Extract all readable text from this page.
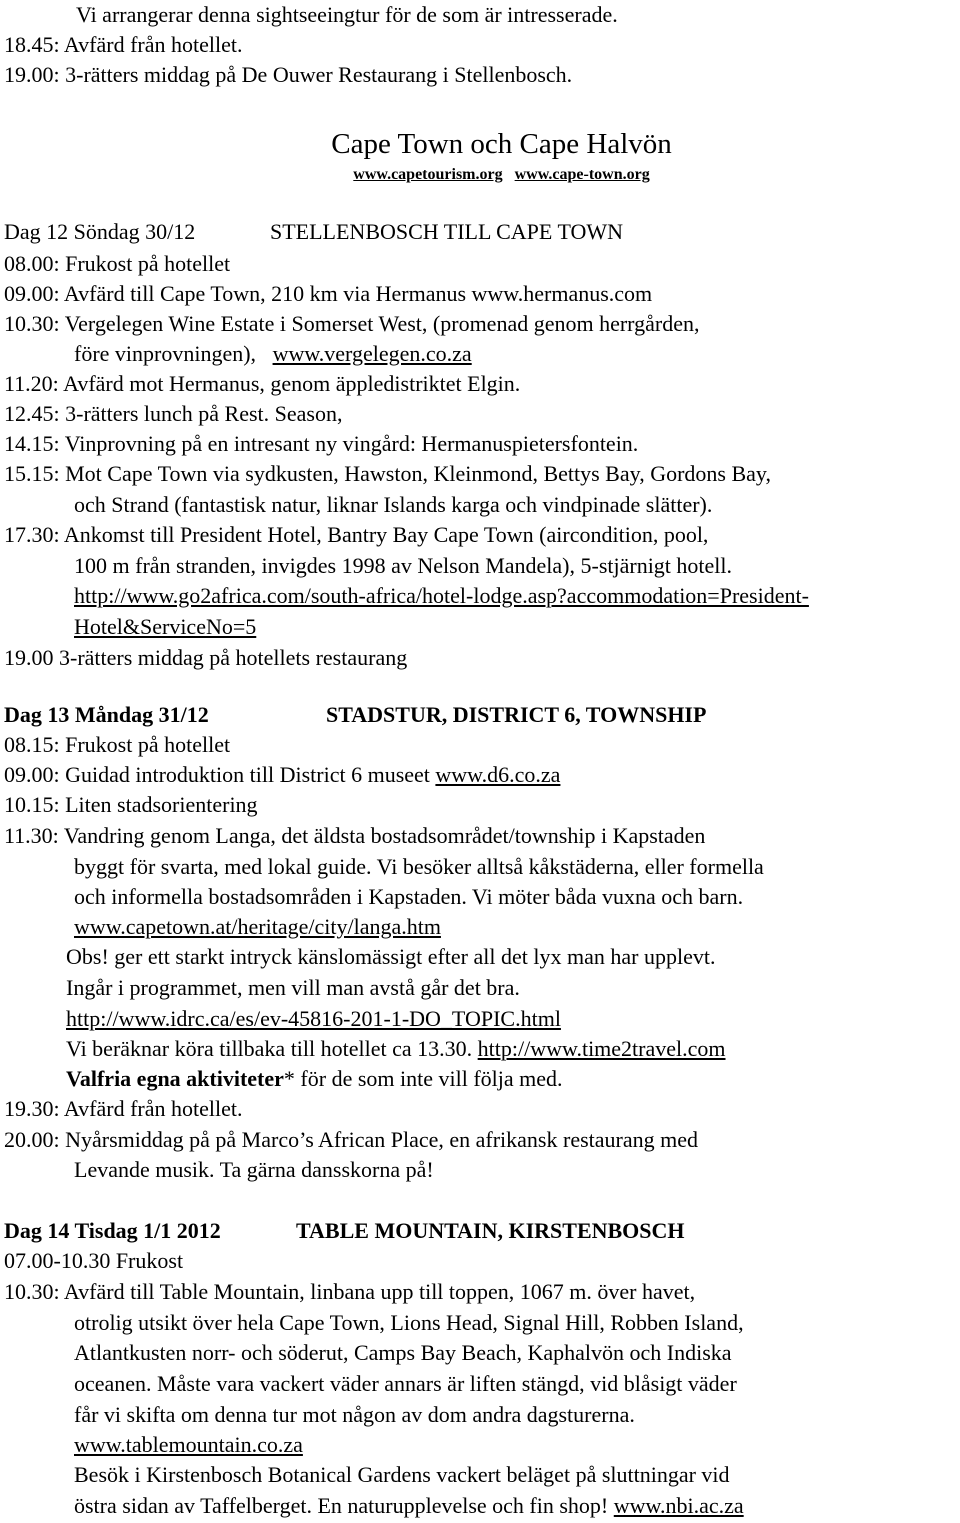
Vi arrangerar denna sightseeingtur för de som är intresserade.
18.45: Avfärd från hotellet.
19.00: 3-rätters middag på De Ouwer Restaurang i Stellenbosch.
Cape Town och Cape Halvön
www.capetourism.org www.cape-town.org
Dag 12 Söndag 30/12	STELLENBOSCH TILL CAPE TOWN
08.00: Frukost på hotellet
09.00: Avfärd till Cape Town, 210 km via Hermanus www.hermanus.com
10.30: Vergelegen Wine Estate i Somerset West, (promenad genom herrgården,
före vinprovningen), www.vergelegen.co.za
11.20: Avfärd mot Hermanus, genom äppledistriktet Elgin.
12.45: 3-rätters lunch på Rest. Season,
14.15: Vinprovning på en intresant ny vingård: Hermanuspietersfontein.
15.15: Mot Cape Town via sydkusten, Hawston, Kleinmond, Bettys Bay, Gordons Bay,
och Strand (fantastisk natur, liknar Islands karga och vindpinade slätter).
17.30: Ankomst till President Hotel, Bantry Bay Cape Town (aircondition, pool,
100 m från stranden, invigdes 1998 av Nelson Mandela), 5-stjärnigt hotell.
http://www.go2africa.com/south-africa/hotel-lodge.asp?accommodation=President-
Hotel&ServiceNo=5
19.00 3-rätters middag på hotellets restaurang
Dag 13 Måndag 31/12	STADSTUR, DISTRICT 6, TOWNSHIP
08.15: Frukost på hotellet
09.00: Guidad introduktion till District 6 museet www.d6.co.za
10.15: Liten stadsorientering
11.30: Vandring genom Langa, det äldsta bostadsområdet/township i Kapstaden
byggt för svarta, med lokal guide. Vi besöker alltså kåkstäderna, eller formella
och informella bostadsområden i Kapstaden. Vi möter båda vuxna och barn.
www.capetown.at/heritage/city/langa.htm
Obs! ger ett starkt intryck känslomässigt efter all det lyx man har upplevt.
Ingår i programmet, men vill man avstå går det bra.
http://www.idrc.ca/es/ev-45816-201-1-DO_TOPIC.html
Vi beräknar köra tillbaka till hotellet ca 13.30. http://www.time2travel.com
Valfria egna aktiviteter* för de som inte vill följa med.
19.30: Avfärd från hotellet.
20.00: Nyårsmiddag på på Marco’s African Place, en afrikansk restaurang med
Levande musik. Ta gärna dansskorna på!
Dag 14 Tisdag 1/1 2012	TABLE MOUNTAIN, KIRSTENBOSCH
07.00-10.30 Frukost
10.30: Avfärd till Table Mountain, linbana upp till toppen, 1067 m. över havet,
otrolig utsikt över hela Cape Town, Lions Head, Signal Hill, Robben Island,
Atlantkusten norr- och söderut, Camps Bay Beach, Kaphalvön och Indiska
oceanen. Måste vara vackert väder annars är liften stängd, vid blåsigt väder
får vi skifta om denna tur mot någon av dom andra dagsturerna.
www.tablemountain.co.za
Besök i Kirstenbosch Botanical Gardens vackert beläget på sluttningar vid
östra sidan av Taffelberget. En naturupplevelse och fin shop! www.nbi.ac.za
